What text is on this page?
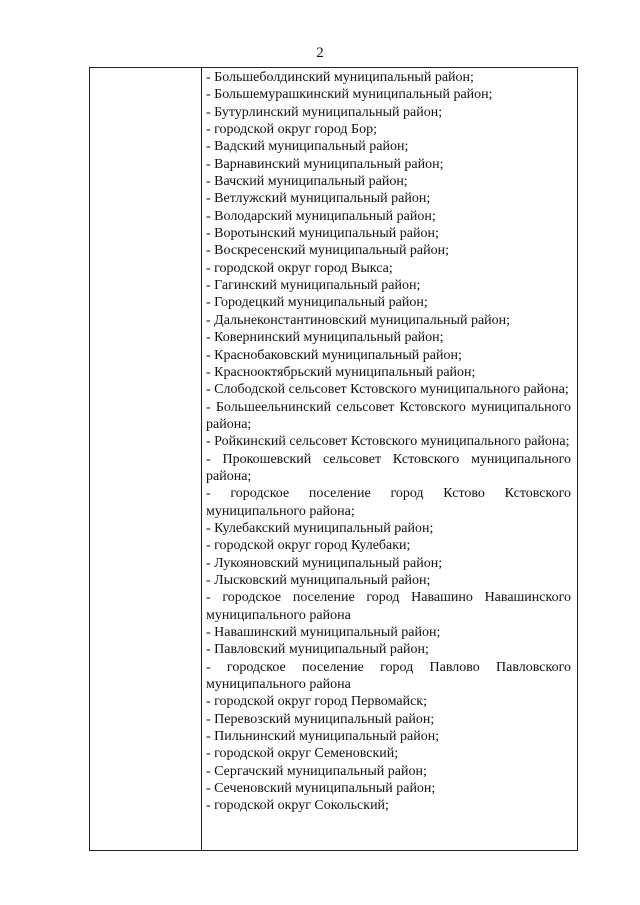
2
- Большеболдинский муниципальный район;
- Большемурашкинский муниципальный район;
- Бутурлинский муниципальный район;
- городской округ город Бор;
- Вадский муниципальный район;
- Варнавинский муниципальный район;
- Вачский муниципальный район;
- Ветлужский муниципальный район;
- Володарский муниципальный район;
- Воротынский муниципальный район;
- Воскресенский муниципальный район;
- городской округ город Выкса;
- Гагинский муниципальный район;
- Городецкий муниципальный район;
- Дальнеконстантиновский муниципальный район;
- Ковернинский муниципальный район;
- Краснобаковский муниципальный район;
- Краснооктябрьский муниципальный район;
- Слободской сельсовет Кстовского муниципального района;
- Большеельнинский сельсовет Кстовского муниципального района;
- Ройкинский сельсовет Кстовского муниципального района;
- Прокошевский сельсовет Кстовского муниципального района;
- городское поселение город Кстово Кстовского муниципального района;
- Кулебакский муниципальный район;
- городской округ город Кулебаки;
- Лукояновский муниципальный район;
- Лысковский муниципальный район;
- городское поселение город Навашино Навашинского муниципального района
- Навашинский муниципальный район;
- Павловский муниципальный район;
- городское поселение город Павлово Павловского муниципального района
- городской округ город Первомайск;
- Перевозский муниципальный район;
- Пильнинский муниципальный район;
- городской округ Семеновский;
- Сергачский муниципальный район;
- Сеченовский муниципальный район;
- городской округ Сокольский;
